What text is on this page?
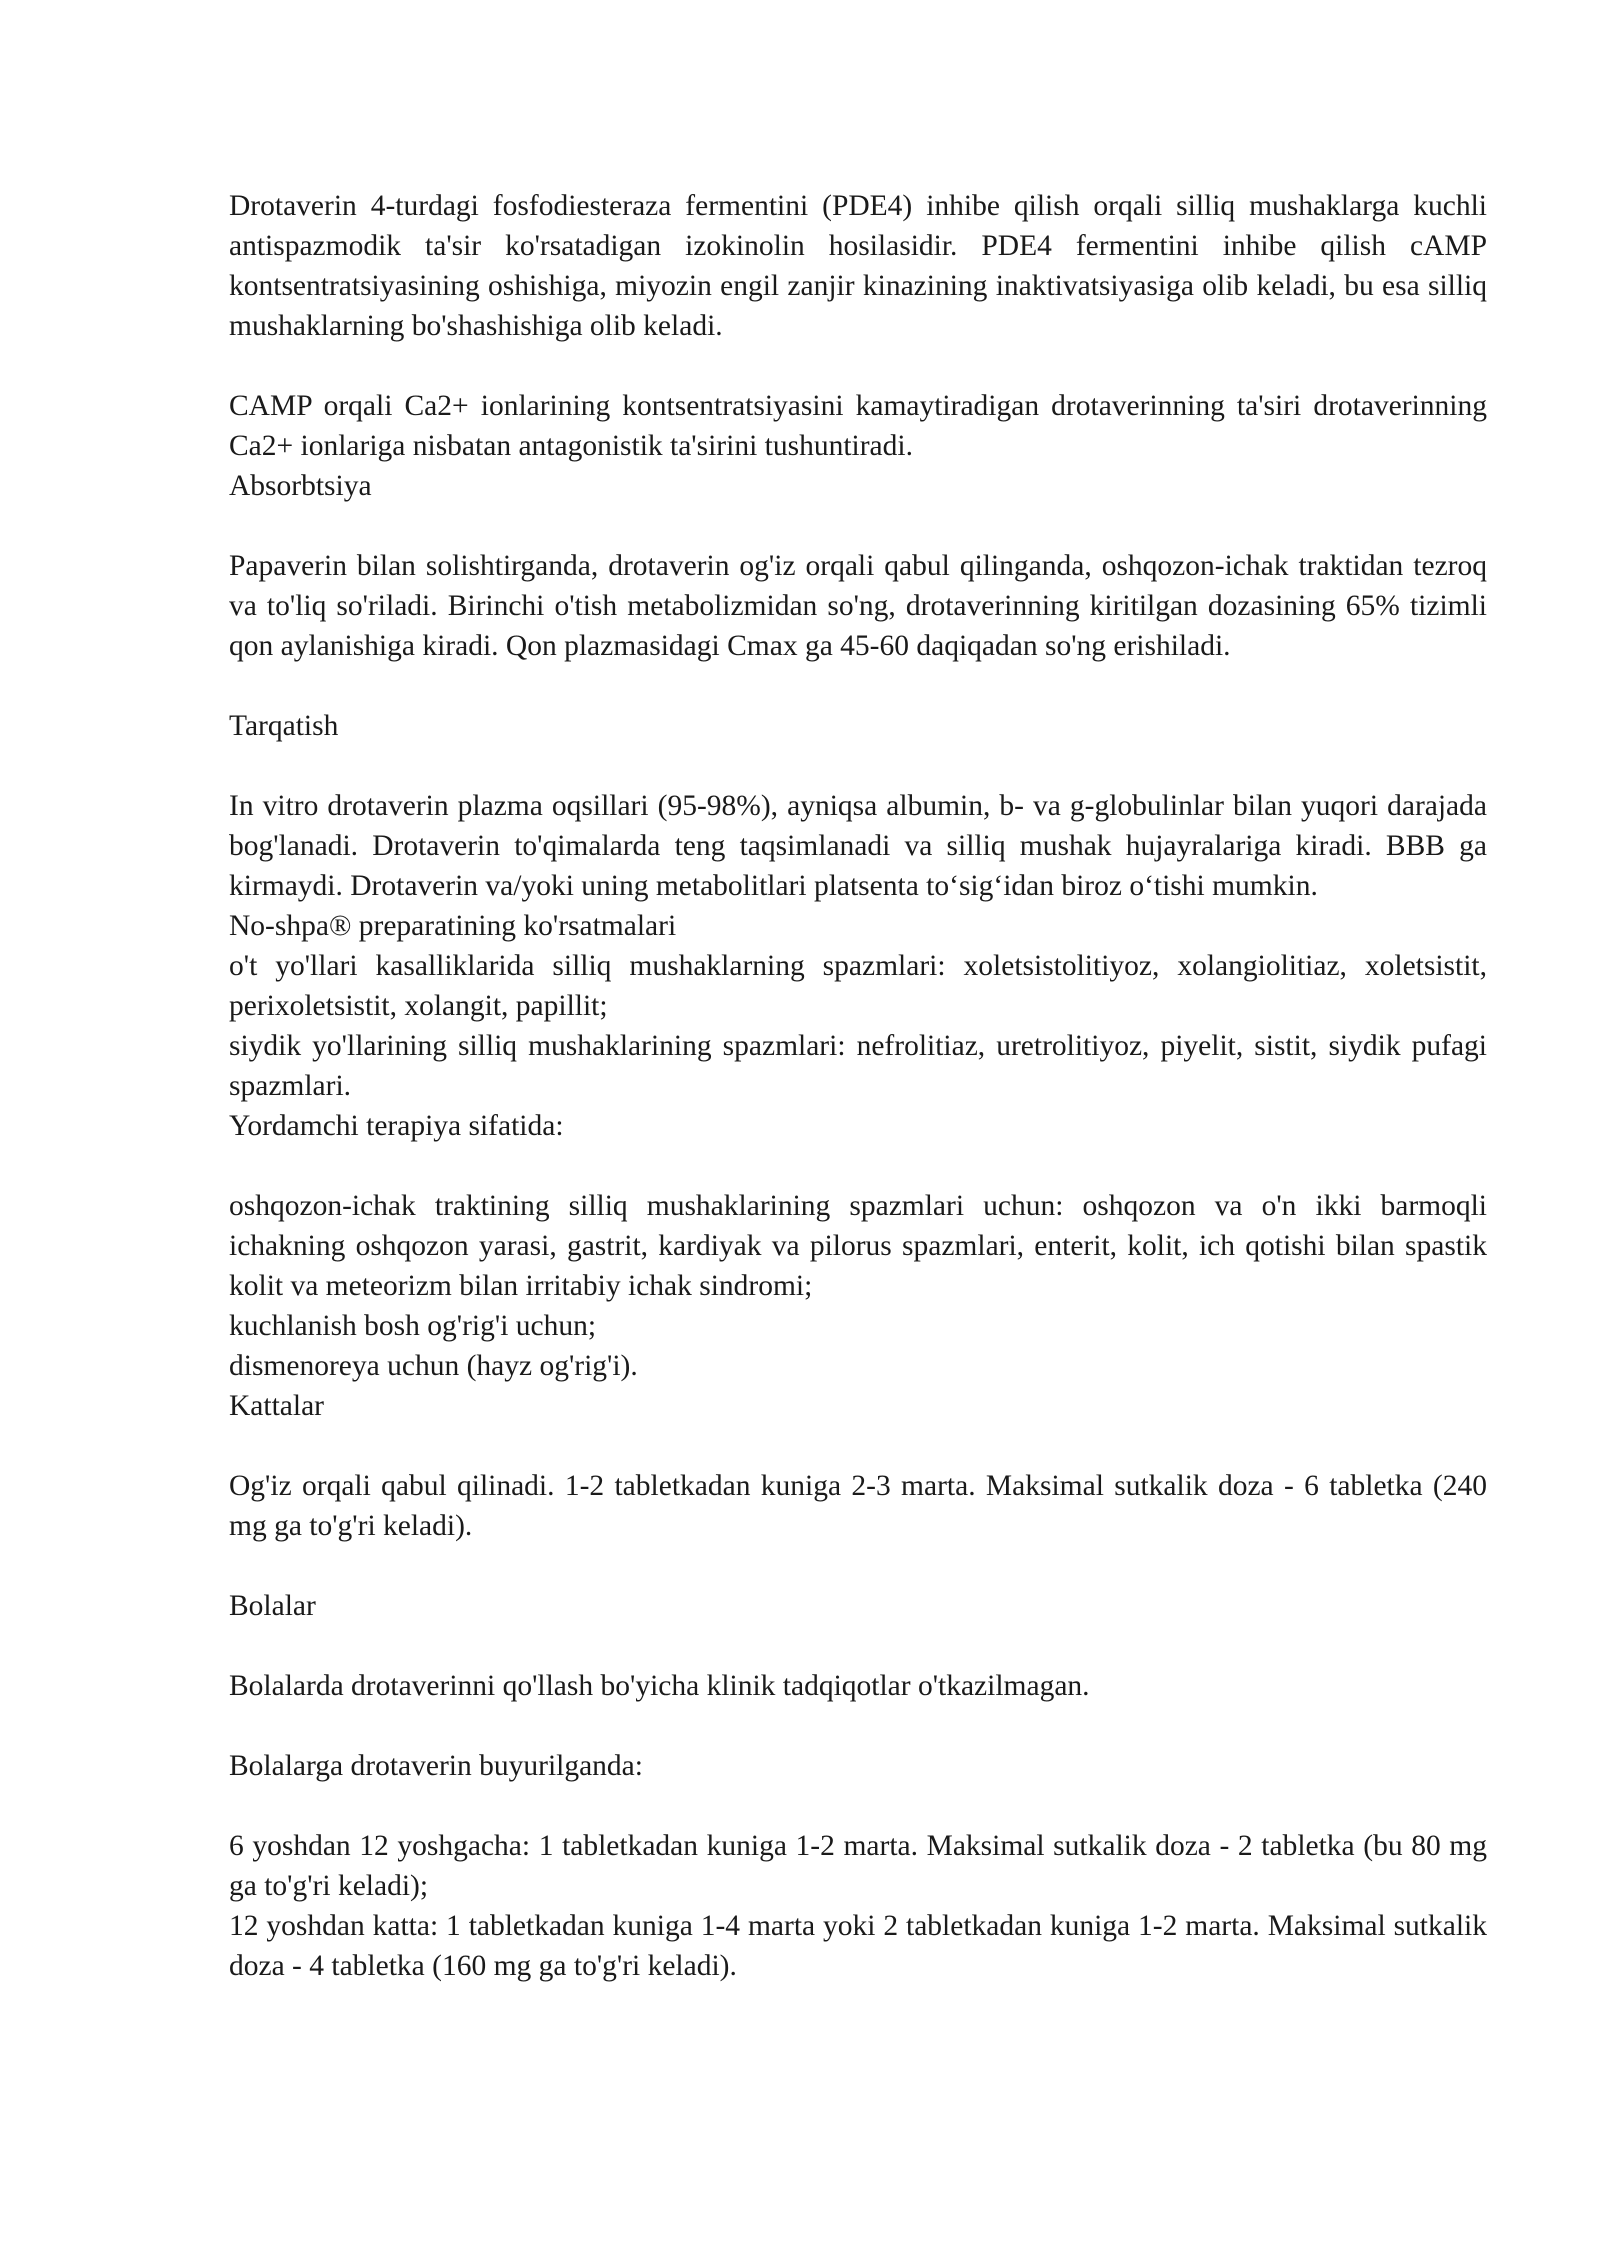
Drotaverin 4-turdagi fosfodiesteraza fermentini (PDE4) inhibe qilish orqali silliq mushaklarga kuchli antispazmodik ta'sir ko'rsatadigan izokinolin hosilasidir. PDE4 fermentini inhibe qilish cAMP kontsentratsiyasining oshishiga, miyozin engil zanjir kinazining inaktivatsiyasiga olib keladi, bu esa silliq mushaklarning bo'shashishiga olib keladi.

CAMP orqali Ca2+ ionlarining kontsentratsiyasini kamaytiradigan drotaverinning ta'siri drotaverinning Ca2+ ionlariga nisbatan antagonistik ta'sirini tushuntiradi.

Absorbtsiya

Papaverin bilan solishtirganda, drotaverin og'iz orqali qabul qilinganda, oshqozon-ichak traktidan tezroq va to'liq so'riladi. Birinchi o'tish metabolizmidan so'ng, drotaverinning kiritilgan dozasining 65% tizimli qon aylanishiga kiradi. Qon plazmasidagi Cmax ga 45-60 daqiqadan so'ng erishiladi.

Tarqatish

In vitro drotaverin plazma oqsillari (95-98%), ayniqsa albumin, b- va g-globulinlar bilan yuqori darajada bog'lanadi. Drotaverin to'qimalarda teng taqsimlanadi va silliq mushak hujayralariga kiradi. BBB ga kirmaydi. Drotaverin va/yoki uning metabolitlari platsenta to‘sig‘idan biroz o‘tishi mumkin.

No-shpa® preparatining ko'rsatmalari

o't yo'llari kasalliklarida silliq mushaklarning spazmlari: xoletsistolitiyoz, xolangiolitiaz, xoletsistit, perixoletsistit, xolangit, papillit;

siydik yo'llarining silliq mushaklarining spazmlari: nefrolitiaz, uretrolitiyoz, piyelit, sistit, siydik pufagi spazmlari.

Yordamchi terapiya sifatida:

oshqozon-ichak traktining silliq mushaklarining spazmlari uchun: oshqozon va o'n ikki barmoqli ichakning oshqozon yarasi, gastrit, kardiyak va pilorus spazmlari, enterit, kolit, ich qotishi bilan spastik kolit va meteorizm bilan irritabiy ichak sindromi;

kuchlanish bosh og'rig'i uchun;

dismenoreya uchun (hayz og'rig'i).

Kattalar

Og'iz orqali qabul qilinadi. 1-2 tabletkadan kuniga 2-3 marta. Maksimal sutkalik doza - 6 tabletka (240 mg ga to'g'ri keladi).

Bolalar

Bolalarda drotaverinni qo'llash bo'yicha klinik tadqiqotlar o'tkazilmagan.

Bolalarga drotaverin buyurilganda:

6 yoshdan 12 yoshgacha: 1 tabletkadan kuniga 1-2 marta. Maksimal sutkalik doza - 2 tabletka (bu 80 mg ga to'g'ri keladi);

12 yoshdan katta: 1 tabletkadan kuniga 1-4 marta yoki 2 tabletkadan kuniga 1-2 marta. Maksimal sutkalik doza - 4 tabletka (160 mg ga to'g'ri keladi).
